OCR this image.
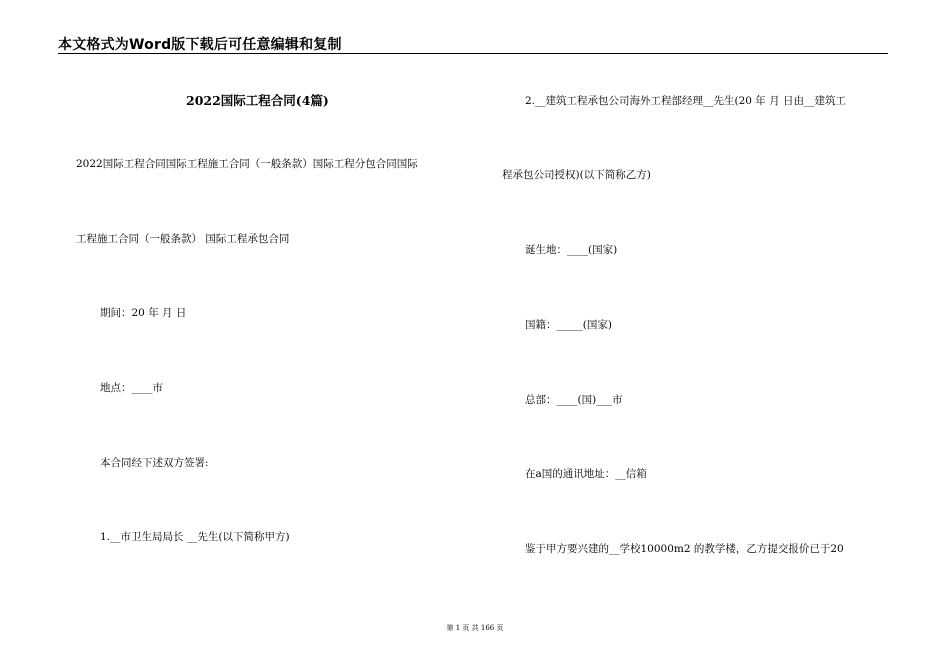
本文格式为Word版下载后可任意编辑和复制
2022国际工程合同(4篇)
2022国际工程合同国际工程施工合同（一般条款）国际工程分包合同国际
工程施工合同（一般条款） 国际工程承包合同
期间：20 年 月 日
地点：____市
本合同经下述双方签署:
1.__市卫生局局长 __先生(以下简称甲方)
2.__建筑工程承包公司海外工程部经理__先生(20 年 月 日由__建筑工
程承包公司授权)(以下简称乙方)
诞生地：____(国家)
国籍：_____(国家)
总部：____(国)___市
在a国的通讯地址：__信箱
鉴于甲方要兴建的__学校10000m2 的教学楼，乙方提交报价已于20
第 1 页 共 166 页
